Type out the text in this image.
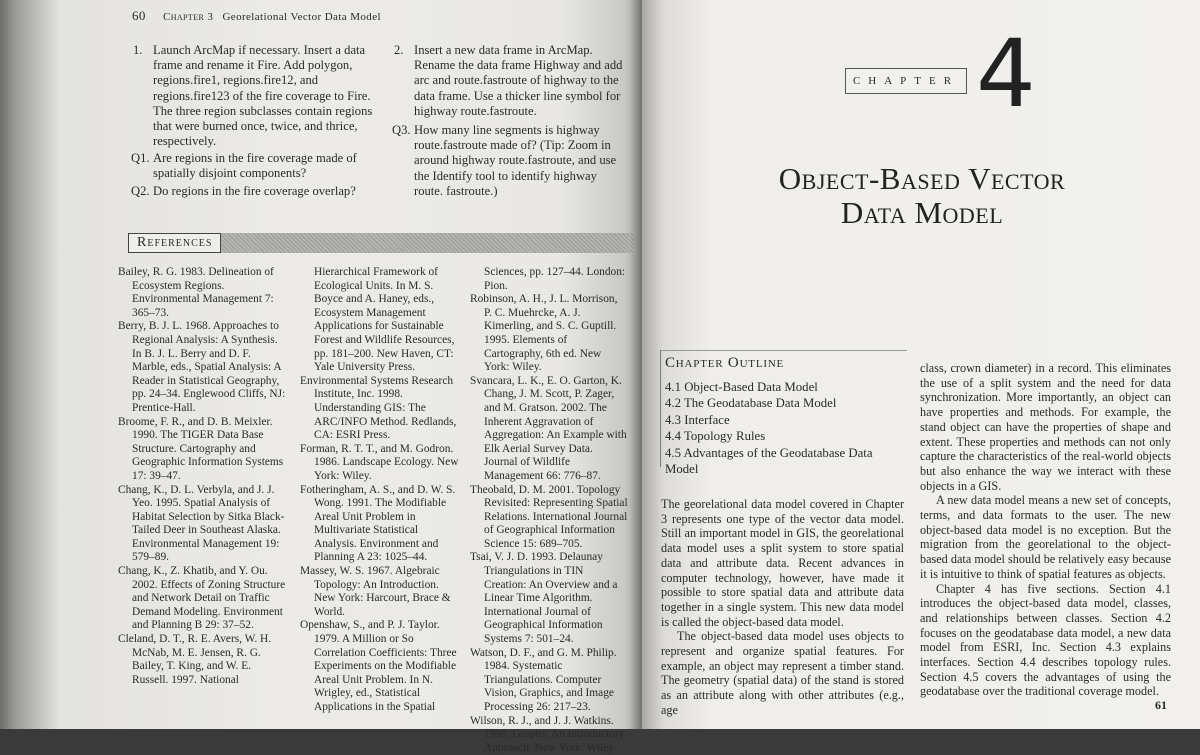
60 Chapter 3 Georelational Vector Data Model
1. Launch ArcMap if necessary. Insert a data frame and rename it Fire. Add polygon, regions.fire1, regions.fire12, and regions.fire123 of the fire coverage to Fire. The three region subclasses contain regions that were burned once, twice, and thrice, respectively.
Q1. Are regions in the fire coverage made of spatially disjoint components?
Q2. Do regions in the fire coverage overlap?
2. Insert a new data frame in ArcMap. Rename the data frame Highway and add arc and route.fastroute of highway to the data frame. Use a thicker line symbol for highway route.fastroute.
Q3. How many line segments is highway route.fastroute made of? (Tip: Zoom in around highway route.fastroute, and use the Identify tool to identify highway route. fastroute.)
References
Bailey, R. G. 1983. Delineation of Ecosystem Regions. Environmental Management 7: 365–73.
Berry, B. J. L. 1968. Approaches to Regional Analysis: A Synthesis. In B. J. L. Berry and D. F. Marble, eds., Spatial Analysis: A Reader in Statistical Geography, pp. 24–34. Englewood Cliffs, NJ: Prentice-Hall.
Broome, F. R., and D. B. Meixler. 1990. The TIGER Data Base Structure. Cartography and Geographic Information Systems 17: 39–47.
Chang, K., D. L. Verbyla, and J. J. Yeo. 1995. Spatial Analysis of Habitat Selection by Sitka Black-Tailed Deer in Southeast Alaska. Environmental Management 19: 579–89.
Chang, K., Z. Khatib, and Y. Ou. 2002. Effects of Zoning Structure and Network Detail on Traffic Demand Modeling. Environment and Planning B 29: 37–52.
Cleland, D. T., R. E. Avers, W. H. McNab, M. E. Jensen, R. G. Bailey, T. King, and W. E. Russell. 1997. National
Hierarchical Framework of Ecological Units. In M. S. Boyce and A. Haney, eds., Ecosystem Management Applications for Sustainable Forest and Wildlife Resources, pp. 181–200. New Haven, CT: Yale University Press.
Environmental Systems Research Institute, Inc. 1998. Understanding GIS: The ARC/INFO Method. Redlands, CA: ESRI Press.
Forman, R. T. T., and M. Godron. 1986. Landscape Ecology. New York: Wiley.
Fotheringham, A. S., and D. W. S. Wong. 1991. The Modifiable Areal Unit Problem in Multivariate Statistical Analysis. Environment and Planning A 23: 1025–44.
Massey, W. S. 1967. Algebraic Topology: An Introduction. New York: Harcourt, Brace & World.
Openshaw, S., and P. J. Taylor. 1979. A Million or So Correlation Coefficients: Three Experiments on the Modifiable Areal Unit Problem. In N. Wrigley, ed., Statistical Applications in the Spatial
Sciences, pp. 127–44. London: Pion.
Robinson, A. H., J. L. Morrison, P. C. Muehrcke, A. J. Kimerling, and S. C. Guptill. 1995. Elements of Cartography, 6th ed. New York: Wiley.
Svancara, L. K., E. O. Garton, K. Chang, J. M. Scott, P. Zager, and M. Gratson. 2002. The Inherent Aggravation of Aggregation: An Example with Elk Aerial Survey Data. Journal of Wildlife Management 66: 776–87.
Theobald, D. M. 2001. Topology Revisited: Representing Spatial Relations. International Journal of Geographical Information Science 15: 689–705.
Tsai, V. J. D. 1993. Delaunay Triangulations in TIN Creation: An Overview and a Linear Time Algorithm. International Journal of Geographical Information Systems 7: 501–24.
Watson, D. F., and G. M. Philip. 1984. Systematic Triangulations. Computer Vision, Graphics, and Image Processing 26: 217–23.
Wilson, R. J., and J. J. Watkins. 1990. Graphs: An Introductory Approach. New York: Wiley.
CHAPTER 4
Object-Based Vector
Data Model
Chapter Outline
4.1 Object-Based Data Model
4.2 The Geodatabase Data Model
4.3 Interface
4.4 Topology Rules
4.5 Advantages of the Geodatabase Data Model

The georelational data model covered in Chapter 3 represents one type of the vector data model. Still an important model in GIS, the georelational data model uses a split system to store spatial data and attribute data. Recent advances in computer technology, however, have made it possible to store spatial data and attribute data together in a single system. This new data model is called the object-based data model.

The object-based data model uses objects to represent and organize spatial features. For example, an object may represent a timber stand. The geometry (spatial data) of the stand is stored as an attribute along with other attributes (e.g., age

class, crown diameter) in a record. This eliminates the use of a split system and the need for data synchronization. More importantly, an object can have properties and methods. For example, the stand object can have the properties of shape and extent. These properties and methods can not only capture the characteristics of the real-world objects but also enhance the way we interact with these objects in a GIS.

A new data model means a new set of concepts, terms, and data formats to the user. The new object-based data model is no exception. But the migration from the georelational to the object-based data model should be relatively easy because it is intuitive to think of spatial features as objects.

Chapter 4 has five sections. Section 4.1 introduces the object-based data model, classes, and relationships between classes. Section 4.2 focuses on the geodatabase data model, a new data model from ESRI, Inc. Section 4.3 explains interfaces. Section 4.4 describes topology rules. Section 4.5 covers the advantages of using the geodatabase over the traditional coverage model.

61
